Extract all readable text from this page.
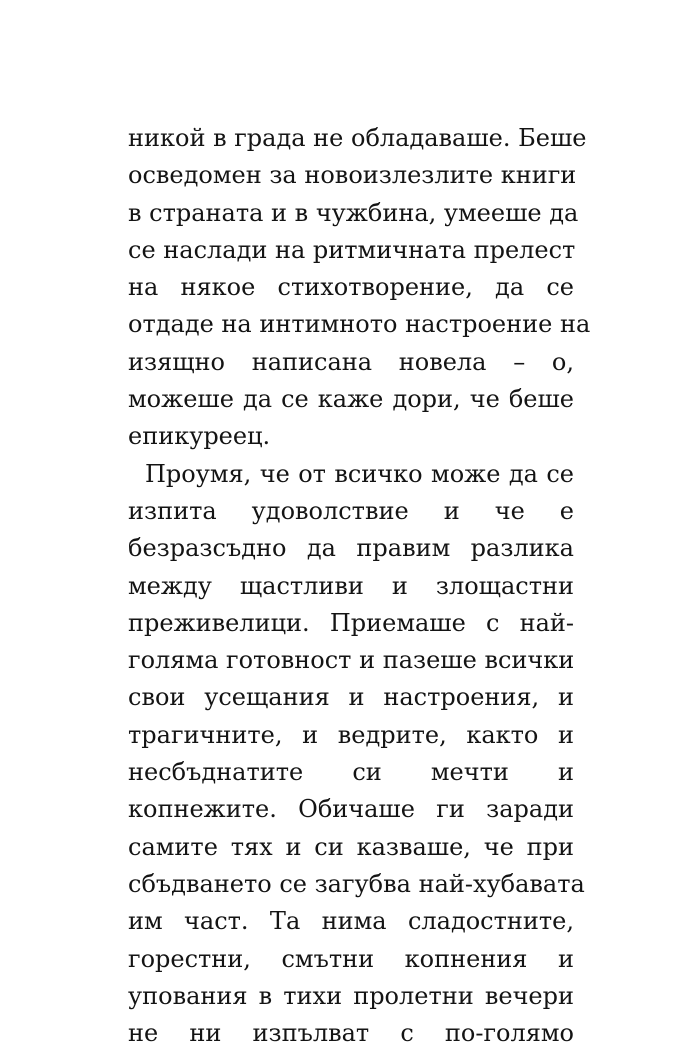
никой в града не обладаваше. Беше
осведомен за новоизлезлите книги
в страната и в чужбина, умееше да
се наслади на ритмичната прелест
на някое стихотворение, да се
отдаде на интимното настроение на
изящно написана новела – о,
можеше да се каже дори, че беше
епикуреец.
Проумя, че от всичко може да се
изпита удоволствие и че е
безразсъдно да правим разлика
между щастливи и злощастни
преживелици. Приемаше с най-
голяма готовност и пазеше всички
свои усещания и настроения, и
трагичните, и ведрите, както и
несбъднатите си мечти и
копнежите. Обичаше ги заради
самите тях и си казваше, че при
сбъдването се загубва най-хубавата
им част. Та нима сладостните,
горестни, смътни копнения и
упования в тихи пролетни вечери
не ни изпълват с по-голямо
